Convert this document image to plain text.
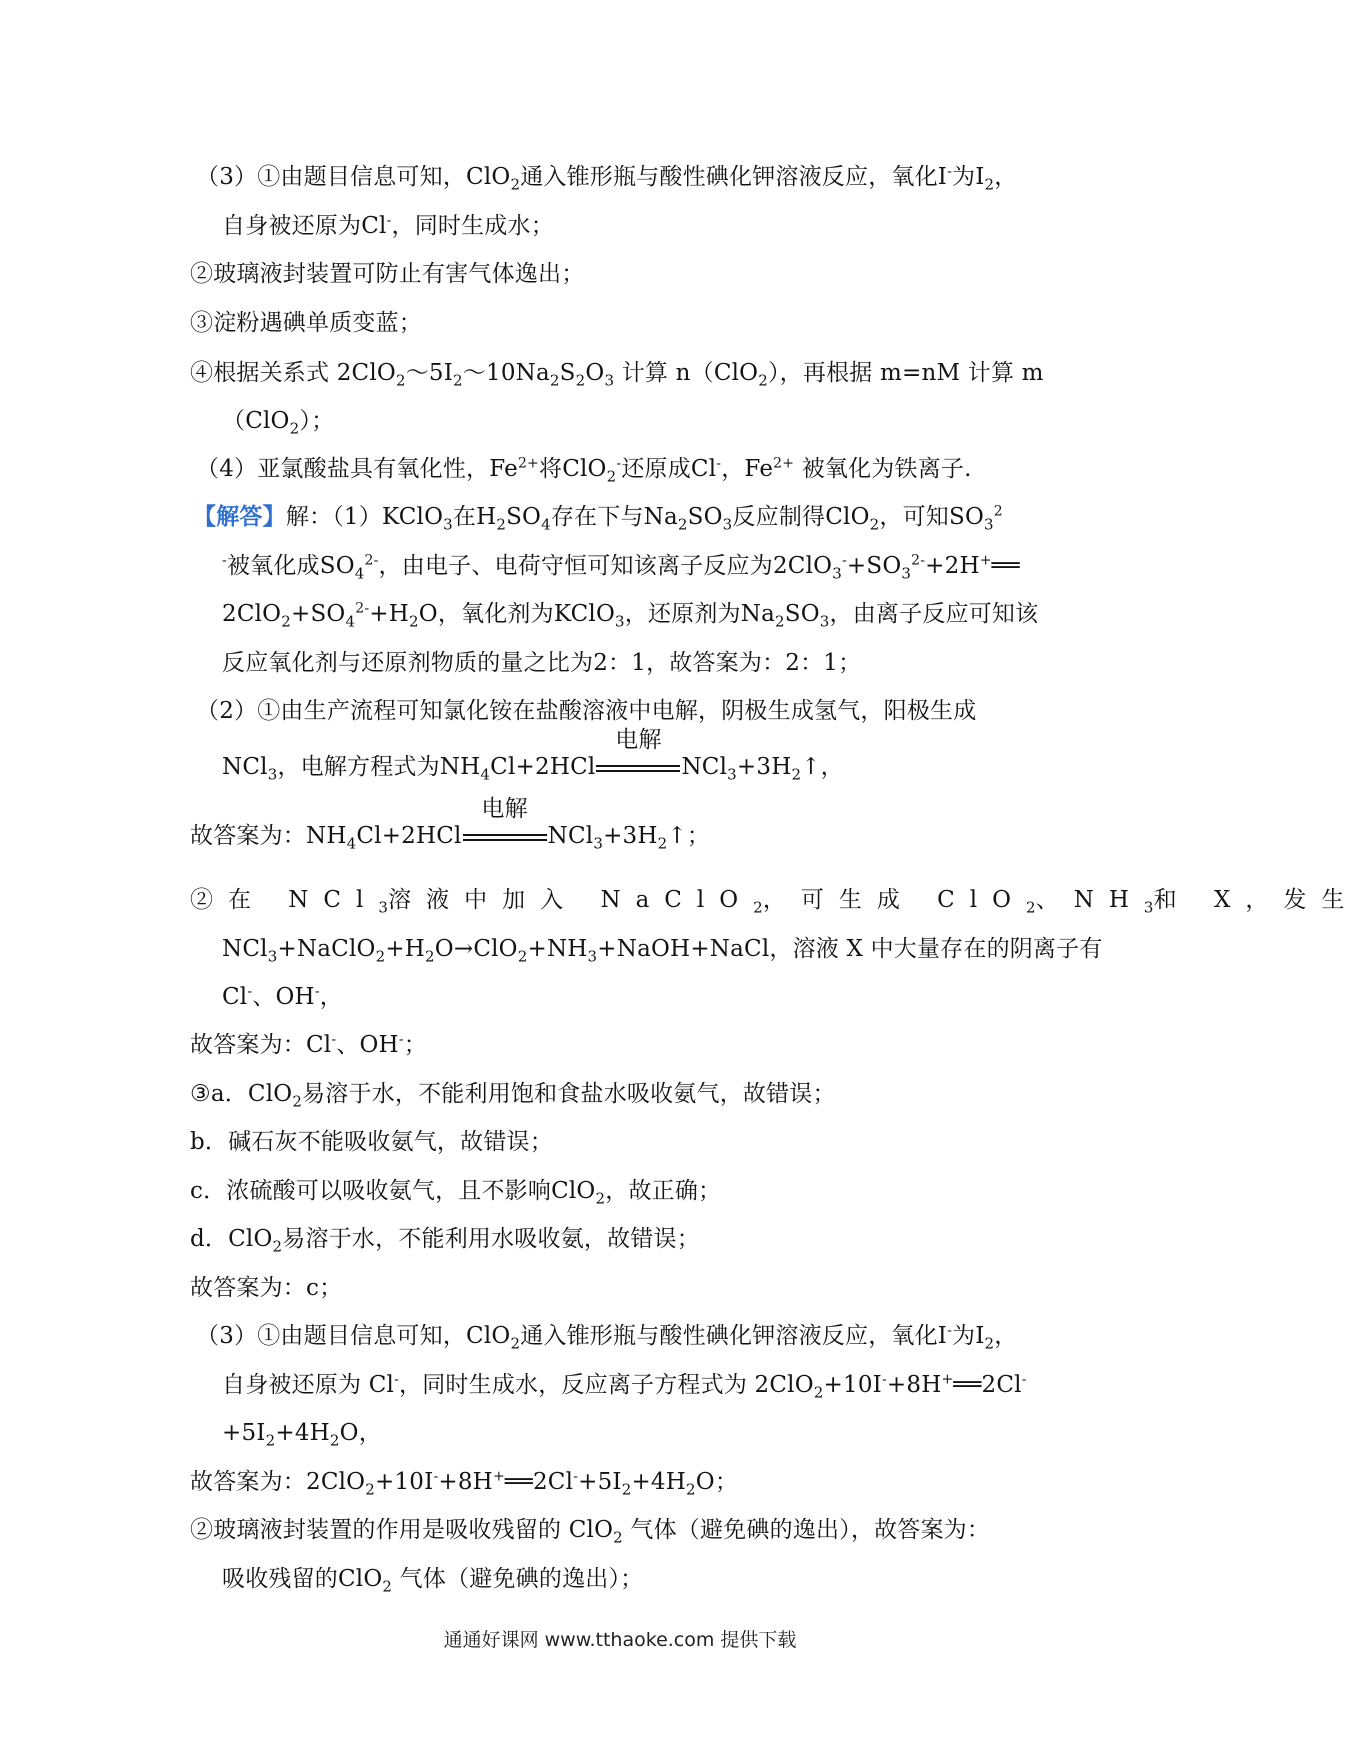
（3）①由题目信息可知，ClO$_2$通入锥形瓶与酸性碘化钾溶液反应，氧化I-为$I_2$，
自身被还原为Cl-，同时生成水；
②玻璃液封装置可防止有害气体逸出；
③淀粉遇碘单质变蓝；
④根据关系式 $2ClO_2\sim 5I_2\sim 10Na_2S_2O_3$ 计算 n（ClO$_2$），再根据 m=nM 计算 m
（ClO$_2$）；
（4）亚氯酸盐具有氧化性，$Fe^{2+}$将ClO$_2$-还原成Cl-，$Fe^{2+}$ 被氧化为铁离子.
【解答】解：（1）KClO$_3$在$H_2SO_4$存在下与$Na_2SO_3$反应制得ClO$_2$，可知$SO_3^2$
-被氧化成$SO_4^{2-}$，由电子、电荷守恒可知该离子反应为$2ClO_3^-+SO_3^{2-}+2H^+══$
$2ClO_2+SO_4^{2-}+H_2O$，氧化剂为KClO$_3$，还原剂为$Na_2SO_3$，由离子反应可知该
反应氧化剂与还原剂物质的量之比为2：1，故答案为：2：1；
（2）①由生产流程可知氯化铵在盐酸溶液中电解，阴极生成氢气，阳极生成
NCl$_3$，电解方程式为$NH_4Cl+2HCl$
电解
$NCl_3+3H_2↑$，
故答案为：$NH_4Cl+2HCl$
电解
$NCl_3+3H_2↑$；
②在 NCl$_3$溶液中加入 NaClO$_2$，可生成 ClO$_2$、$NH_3$和 X，发生
$NCl_3+NaClO_2+H_2O\to ClO_2+NH_3+NaOH+NaCl$，溶液 X 中大量存在的阴离子有
Cl-、OH-，
故答案为：Cl-、OH-；
③a．ClO$_2$易溶于水，不能利用饱和食盐水吸收氨气，故错误；
b．碱石灰不能吸收氨气，故错误；
c．浓硫酸可以吸收氨气，且不影响ClO$_2$，故正确；
d．ClO$_2$易溶于水，不能利用水吸收氨，故错误；
故答案为：c；
（3）①由题目信息可知，ClO$_2$通入锥形瓶与酸性碘化钾溶液反应，氧化I-为$I_2$，
自身被还原为 Cl-，同时生成水，反应离子方程式为 2ClO$_2$+10I-+8H+══2Cl-
$+5I_2+4H_2O$，
故答案为：$2ClO_2+10I^-+8H^+══2Cl^-+5I_2+4H_2O$；
②玻璃液封装置的作用是吸收残留的 ClO$_2$ 气体（避免碘的逸出），故答案为：
吸收残留的ClO$_2$ 气体（避免碘的逸出）；
通通好课网 www.tthaoke.com 提供下载
